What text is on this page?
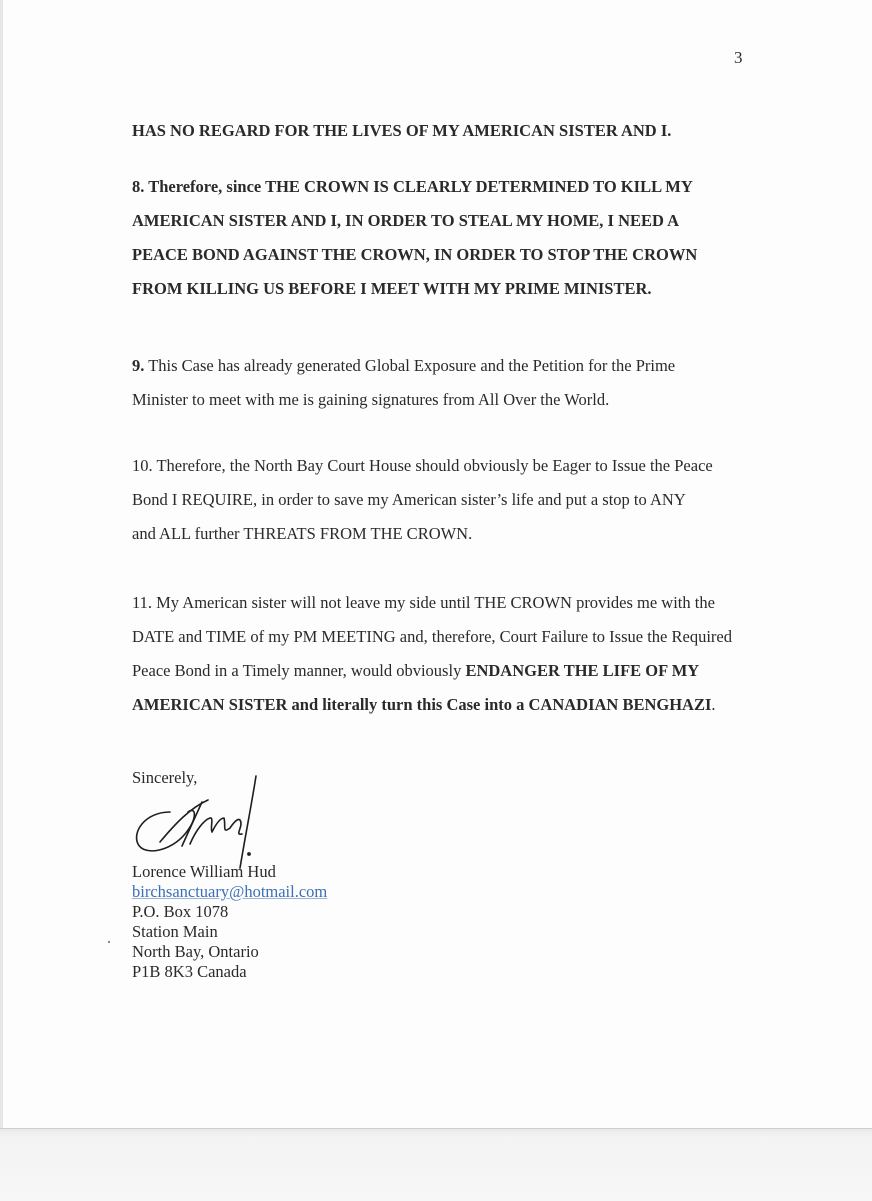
3

HAS NO REGARD FOR THE LIVES OF MY AMERICAN SISTER AND I.

8. Therefore, since THE CROWN IS CLEARLY DETERMINED TO KILL MY
AMERICAN SISTER AND I, IN ORDER TO STEAL MY HOME, I NEED A
PEACE BOND AGAINST THE CROWN, IN ORDER TO STOP THE CROWN
FROM KILLING US BEFORE I MEET WITH MY PRIME MINISTER.

9. This Case has already generated Global Exposure and the Petition for the Prime
Minister to meet with me is gaining signatures from All Over the World.

10. Therefore, the North Bay Court House should obviously be Eager to Issue the Peace
Bond I REQUIRE, in order to save my American sister’s life and put a stop to ANY
and ALL further THREATS FROM THE CROWN.

11. My American sister will not leave my side until THE CROWN provides me with the
DATE and TIME of my PM MEETING and, therefore, Court Failure to Issue the Required
Peace Bond in a Timely manner, would obviously ENDANGER THE LIFE OF MY
AMERICAN SISTER and literally turn this Case into a CANADIAN BENGHAZI.

Sincerely,
Lorence William Hud
birchsanctuary@hotmail.com
P.O. Box 1078
Station Main
North Bay, Ontario
P1B 8K3 Canada
